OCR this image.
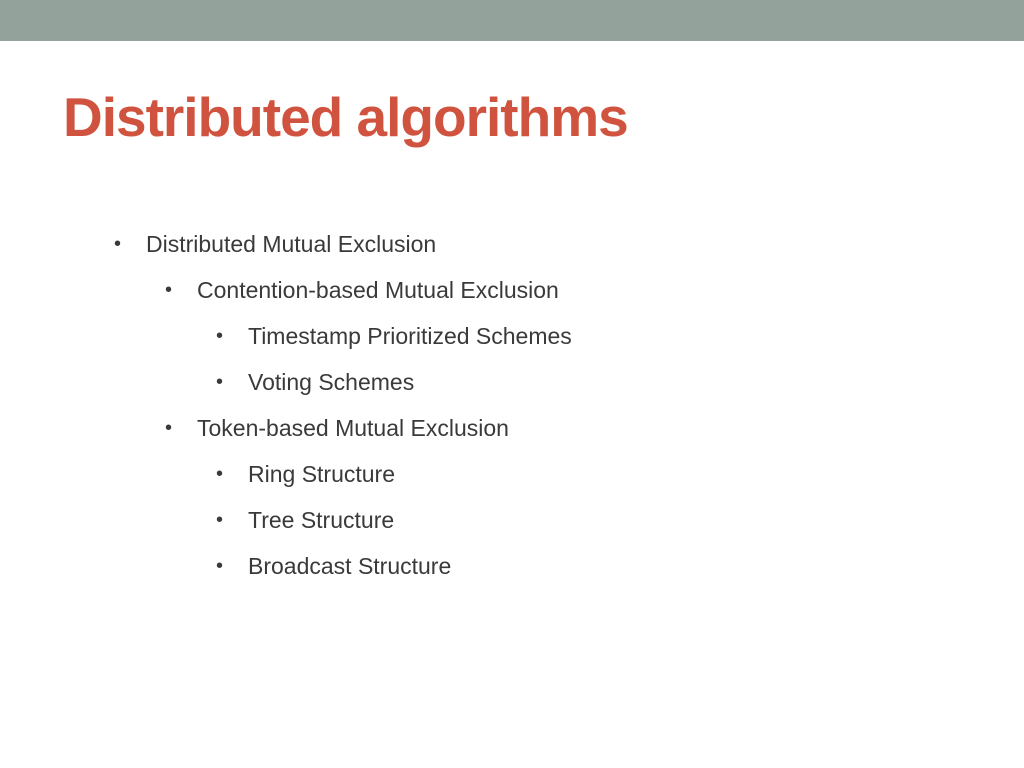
Distributed algorithms
• Distributed Mutual Exclusion
• Contention-based Mutual Exclusion
• Timestamp Prioritized Schemes
• Voting Schemes
• Token-based Mutual Exclusion
• Ring Structure
• Tree Structure
• Broadcast Structure
